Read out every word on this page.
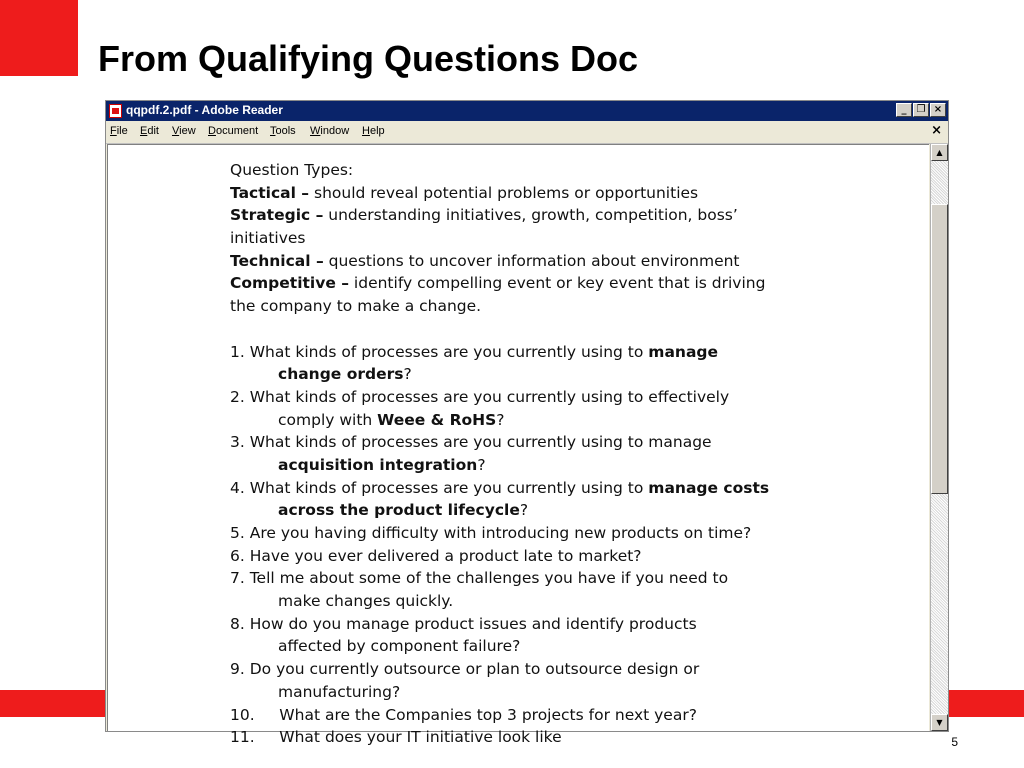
From Qualifying Questions Doc
5
qqpdf.2.pdf - Adobe Reader	_	❐ ×
File Edit View Document Tools Window Help	×
Question Types:
Tactical – should reveal potential problems or opportunities
Strategic – understanding initiatives, growth, competition, boss’
initiatives
Technical – questions to uncover information about environment
Competitive – identify compelling event or key event that is driving
the company to make a change.
1. What kinds of processes are you currently using to manage
change orders?
2. What kinds of processes are you currently using to effectively
comply with Weee & RoHS?
3. What kinds of processes are you currently using to manage
acquisition integration?
4. What kinds of processes are you currently using to manage costs
across the product lifecycle?
5. Are you having difficulty with introducing new products on time?
6. Have you ever delivered a product late to market?
7. Tell me about some of the challenges you have if you need to
make changes quickly.
8. How do you manage product issues and identify products
affected by component failure?
9. Do you currently outsource or plan to outsource design or
manufacturing?
10.     What are the Companies top 3 projects for next year?
11.     What does your IT initiative look like
▲
▼
